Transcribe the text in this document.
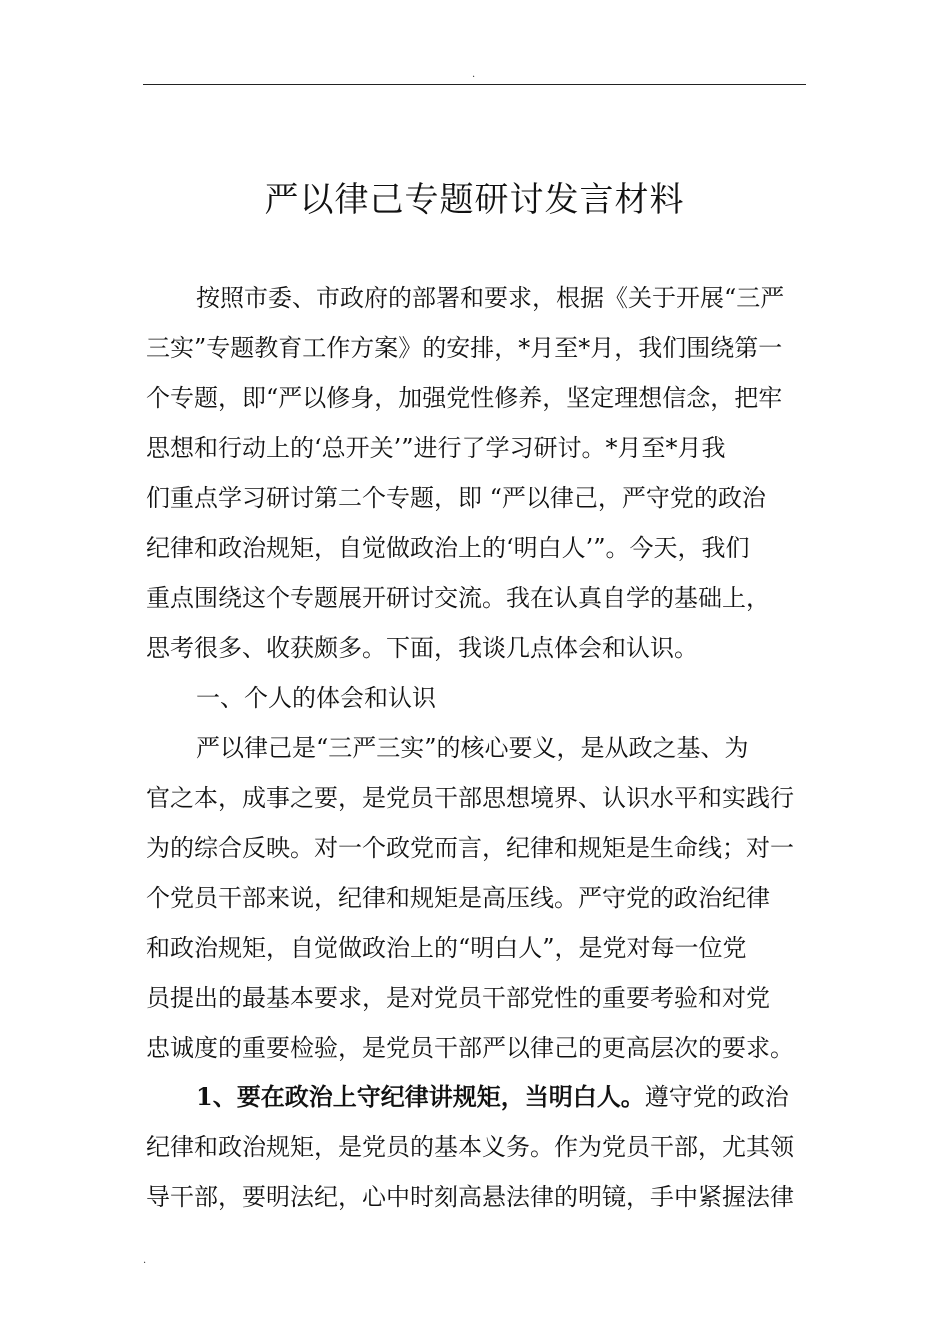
.
严以律己专题研讨发言材料
按照市委、市政府的部署和要求，根据《关于开展“三严
三实”专题教育工作方案》的安排，*月至*月，我们围绕第一
个专题，即“严以修身，加强党性修养，坚定理想信念，把牢
思想和行动上的‘总开关’”进行了学习研讨。*月至*月我
们重点学习研讨第二个专题，即 “严以律己，严守党的政治
纪律和政治规矩，自觉做政治上的‘明白人’”。今天，我们
重点围绕这个专题展开研讨交流。我在认真自学的基础上，
思考很多、收获颇多。下面，我谈几点体会和认识。
一、个人的体会和认识
严以律己是“三严三实”的核心要义，是从政之基、为
官之本，成事之要，是党员干部思想境界、认识水平和实践行
为的综合反映。对一个政党而言，纪律和规矩是生命线；对一
个党员干部来说，纪律和规矩是高压线。严守党的政治纪律
和政治规矩，自觉做政治上的“明白人”，是党对每一位党
员提出的最基本要求，是对党员干部党性的重要考验和对党
忠诚度的重要检验，是党员干部严以律己的更高层次的要求。
1、要在政治上守纪律讲规矩，当明白人。遵守党的政治
纪律和政治规矩，是党员的基本义务。作为党员干部，尤其领
导干部，要明法纪，心中时刻高悬法律的明镜，手中紧握法律
.
